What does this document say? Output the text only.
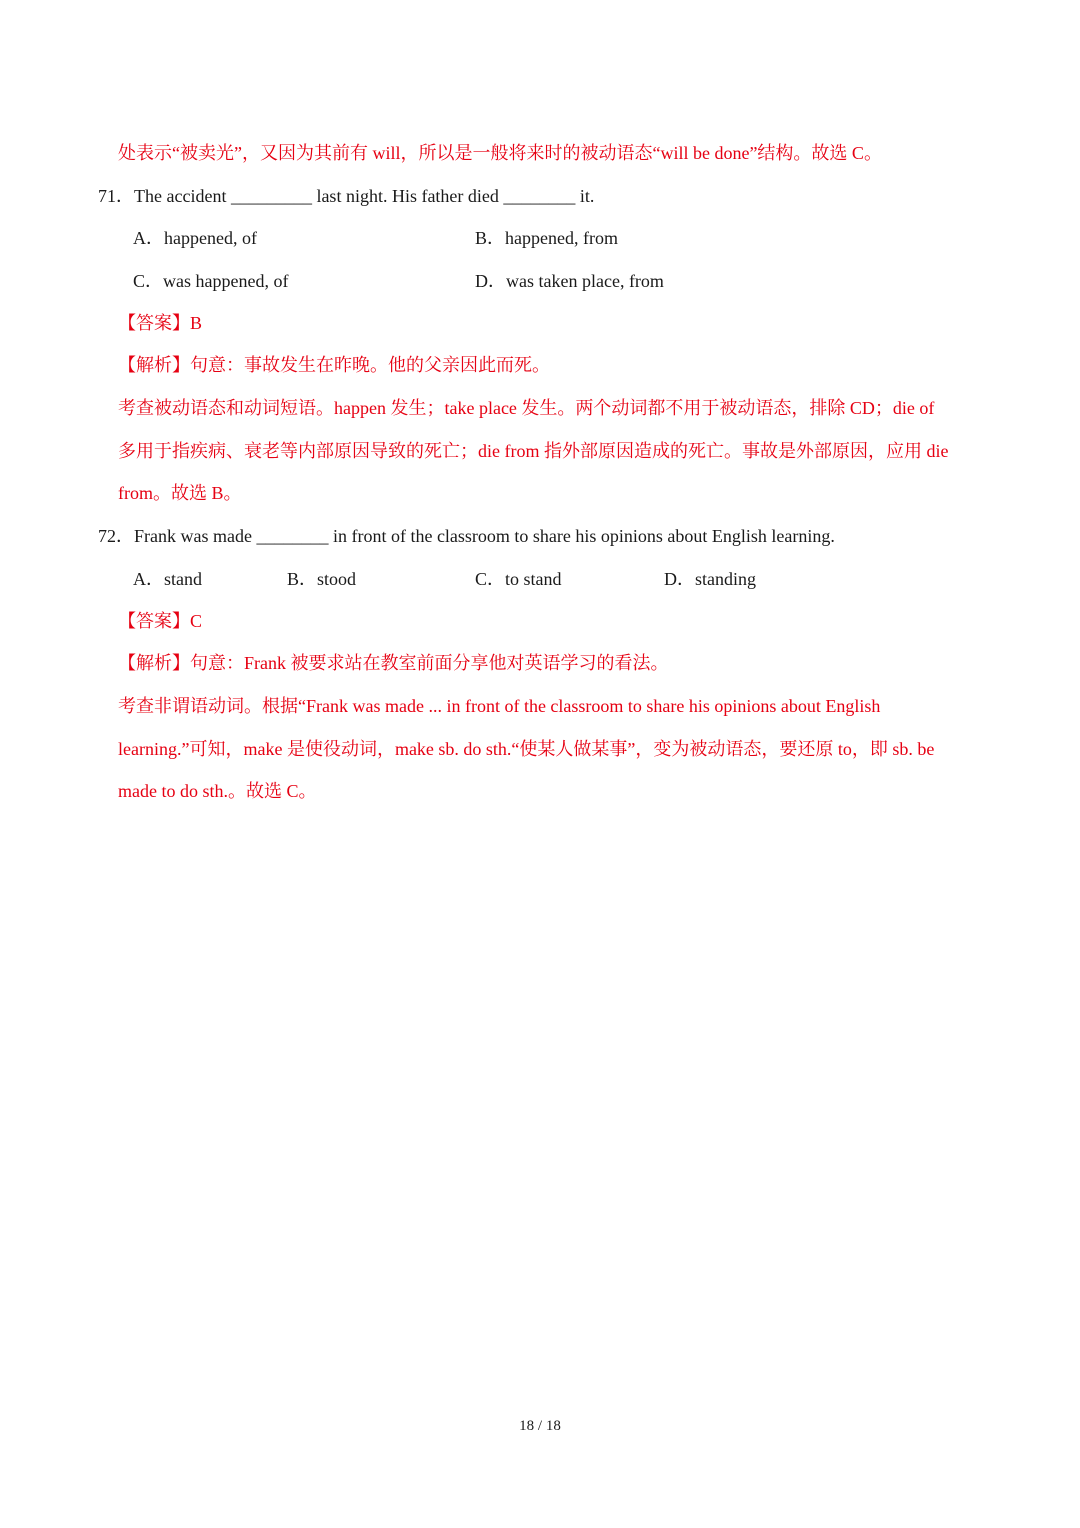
处表示“被卖光”，又因为其前有 will，所以是一般将来时的被动语态“will be done”结构。故选 C。
71．The accident _________ last night. His father died ________ it.
A．happened, of	B．happened, from
C．was happened, of	D．was taken place, from
【答案】B
【解析】句意：事故发生在昨晚。他的父亲因此而死。
考查被动语态和动词短语。happen 发生；take place 发生。两个动词都不用于被动语态，排除 CD；die of
多用于指疾病、衰老等内部原因导致的死亡；die from 指外部原因造成的死亡。事故是外部原因，应用 die
from。故选 B。
72．Frank was made ________ in front of the classroom to share his opinions about English learning.
A．stand	B．stood	C．to stand	D．standing
【答案】C
【解析】句意：Frank 被要求站在教室前面分享他对英语学习的看法。
考查非谓语动词。根据“Frank was made ... in front of the classroom to share his opinions about English
learning.”可知，make 是使役动词，make sb. do sth.“使某人做某事”，变为被动语态，要还原 to，即 sb. be
made to do sth.。故选 C。
18 / 18
